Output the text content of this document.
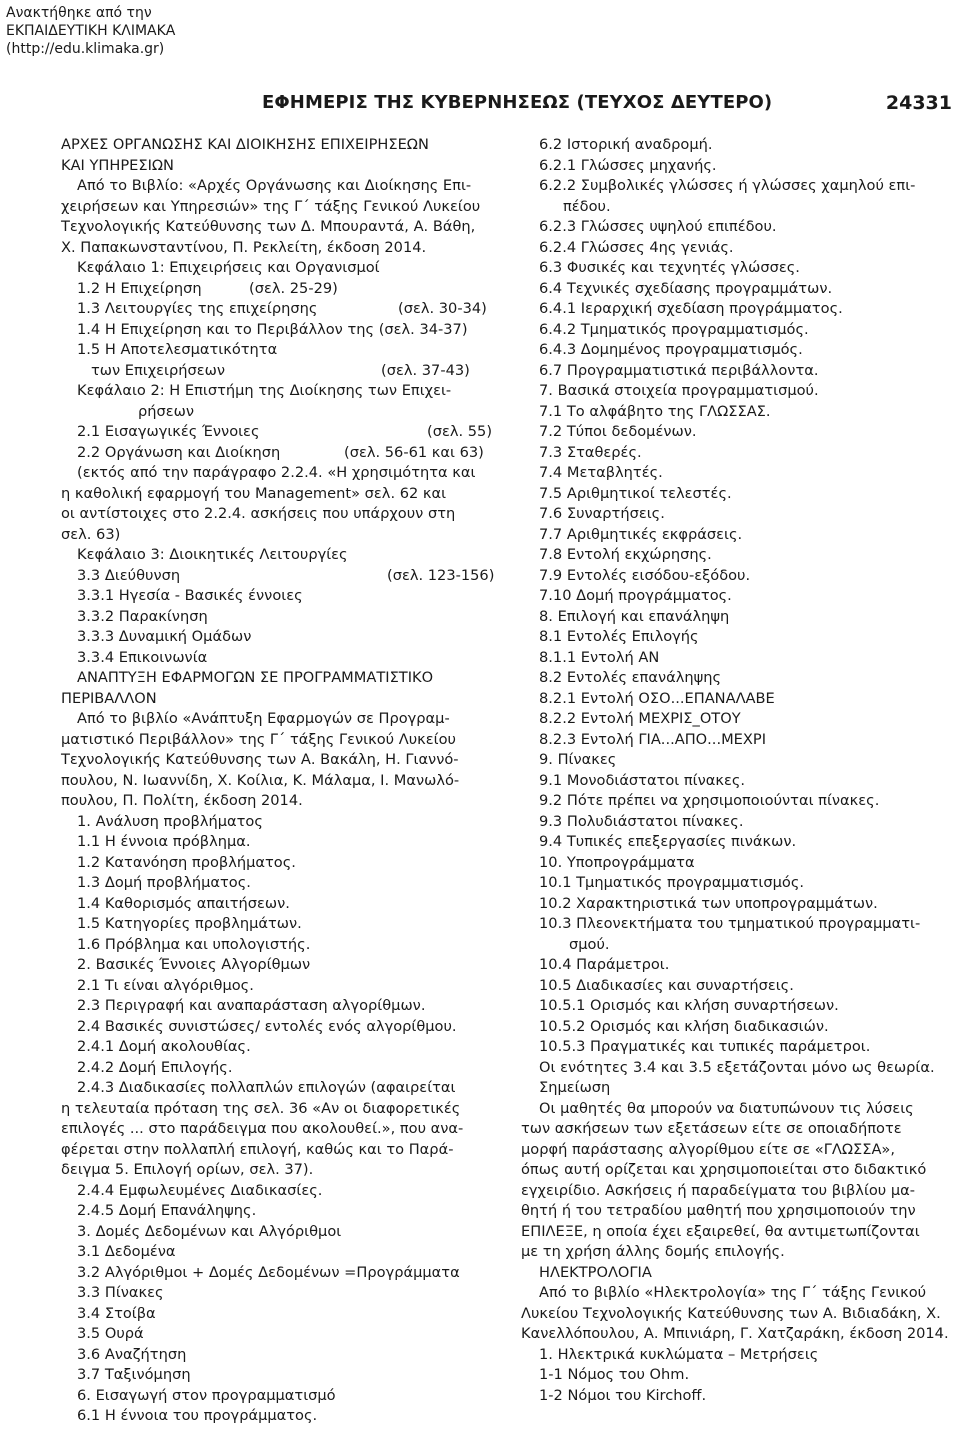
Ανακτήθηκε από την
ΕΚΠΑΙΔΕΥΤΙΚΗ ΚΛΙΜΑΚΑ
(http://edu.klimaka.gr)
ΕΦΗΜΕΡΙΣ ΤΗΣ ΚΥΒΕΡΝΗΣΕΩΣ (ΤΕΥΧΟΣ ΔΕΥΤΕΡΟ)	24331
ΑΡΧΕΣ ΟΡΓΑΝΩΣΗΣ ΚΑΙ ΔΙΟΙΚΗΣΗΣ ΕΠΙΧΕΙΡΗΣΕΩΝ
ΚΑΙ ΥΠΗΡΕΣΙΩΝ
Από το Βιβλίο: «Αρχές Οργάνωσης και Διοίκησης Επι-
χειρήσεων και Υπηρεσιών» της Γ΄ τάξης Γενικού Λυκείου
Τεχνολογικής Κατεύθυνσης των Δ. Μπουραντά, Α. Βάθη,
Χ. Παπακωνσταντίνου, Π. Ρεκλείτη, έκδοση 2014.
Κεφάλαιο 1: Επιχειρήσεις και Οργανισμοί
1.2 Η Επιχείρηση	(σελ. 25-29)
1.3 Λειτουργίες της επιχείρησης	(σελ. 30-34)
1.4 Η Επιχείρηση και το Περιβάλλον της (σελ. 34-37)
1.5 Η Αποτελεσματικότητα
των Επιχειρήσεων	(σελ. 37-43)
Κεφάλαιο 2: Η Επιστήμη της Διοίκησης των Επιχει-
ρήσεων
2.1 Εισαγωγικές Έννοιες	(σελ. 55)
2.2 Οργάνωση και Διοίκηση	(σελ. 56-61 και 63)
(εκτός από την παράγραφο 2.2.4. «Η χρησιμότητα και
η καθολική εφαρμογή του Management» σελ. 62 και
οι αντίστοιχες στο 2.2.4. ασκήσεις που υπάρχουν στη
σελ. 63)
Κεφάλαιο 3: Διοικητικές Λειτουργίες
3.3 Διεύθυνση	(σελ. 123-156)
3.3.1 Ηγεσία - Βασικές έννοιες
3.3.2 Παρακίνηση
3.3.3 Δυναμική Ομάδων
3.3.4 Επικοινωνία
ΑΝΑΠΤΥΞΗ ΕΦΑΡΜΟΓΩΝ ΣΕ ΠΡΟΓΡΑΜΜΑΤΙΣΤΙΚΟ
ΠΕΡΙΒΑΛΛΟΝ
Από το βιβλίο «Ανάπτυξη Εφαρμογών σε Προγραμ-
ματιστικό Περιβάλλον» της Γ΄ τάξης Γενικού Λυκείου
Τεχνολογικής Κατεύθυνσης των Α. Βακάλη, Η. Γιαννό-
πουλου, Ν. Ιωαννίδη, Χ. Κοίλια, Κ. Μάλαμα, Ι. Μανωλό-
πουλου, Π. Πολίτη, έκδοση 2014.
1. Ανάλυση προβλήματος
1.1 Η έννοια πρόβλημα.
1.2 Κατανόηση προβλήματος.
1.3 Δομή προβλήματος.
1.4 Καθορισμός απαιτήσεων.
1.5 Κατηγορίες προβλημάτων.
1.6 Πρόβλημα και υπολογιστής.
2. Βασικές Έννοιες Αλγορίθμων
2.1 Τι είναι αλγόριθμος.
2.3 Περιγραφή και αναπαράσταση αλγορίθμων.
2.4 Βασικές συνιστώσες/ εντολές ενός αλγορίθμου.
2.4.1 Δομή ακολουθίας.
2.4.2 Δομή Επιλογής.
2.4.3 Διαδικασίες πολλαπλών επιλογών (αφαιρείται
η τελευταία πρόταση της σελ. 36 «Αν οι διαφορετικές
επιλογές ... στο παράδειγμα που ακολουθεί.», που ανα-
φέρεται στην πολλαπλή επιλογή, καθώς και το Παρά-
δειγμα 5. Επιλογή ορίων, σελ. 37).
2.4.4 Εμφωλευμένες Διαδικασίες.
2.4.5 Δομή Επανάληψης.
3. Δομές Δεδομένων και Αλγόριθμοι
3.1 Δεδομένα
3.2 Αλγόριθμοι + Δομές Δεδομένων =Προγράμματα
3.3 Πίνακες
3.4 Στοίβα
3.5 Ουρά
3.6 Αναζήτηση
3.7 Ταξινόμηση
6. Εισαγωγή στον προγραμματισμό
6.1 Η έννοια του προγράμματος.
6.2 Ιστορική αναδρομή.
6.2.1 Γλώσσες μηχανής.
6.2.2 Συμβολικές γλώσσες ή γλώσσες χαμηλού επι-
πέδου.
6.2.3 Γλώσσες υψηλού επιπέδου.
6.2.4 Γλώσσες 4ης γενιάς.
6.3 Φυσικές και τεχνητές γλώσσες.
6.4 Τεχνικές σχεδίασης προγραμμάτων.
6.4.1 Ιεραρχική σχεδίαση προγράμματος.
6.4.2 Τμηματικός προγραμματισμός.
6.4.3 Δομημένος προγραμματισμός.
6.7 Προγραμματιστικά περιβάλλοντα.
7. Βασικά στοιχεία προγραμματισμού.
7.1 Το αλφάβητο της ΓΛΩΣΣΑΣ.
7.2 Τύποι δεδομένων.
7.3 Σταθερές.
7.4 Μεταβλητές.
7.5 Αριθμητικοί τελεστές.
7.6 Συναρτήσεις.
7.7 Αριθμητικές εκφράσεις.
7.8 Εντολή εκχώρησης.
7.9 Εντολές εισόδου-εξόδου.
7.10 Δομή προγράμματος.
8. Επιλογή και επανάληψη
8.1 Εντολές Επιλογής
8.1.1 Εντολή ΑΝ
8.2 Εντολές επανάληψης
8.2.1 Εντολή ΟΣΟ...ΕΠΑΝΑΛΑΒΕ
8.2.2 Εντολή ΜΕΧΡΙΣ_ΟΤΟΥ
8.2.3 Εντολή ΓΙΑ...ΑΠΟ...ΜΕΧΡΙ
9. Πίνακες
9.1 Μονοδιάστατοι πίνακες.
9.2 Πότε πρέπει να χρησιμοποιούνται πίνακες.
9.3 Πολυδιάστατοι πίνακες.
9.4 Τυπικές επεξεργασίες πινάκων.
10. Υποπρογράμματα
10.1 Τμηματικός προγραμματισμός.
10.2 Χαρακτηριστικά των υποπρογραμμάτων.
10.3 Πλεονεκτήματα του τμηματικού προγραμματι-
σμού.
10.4 Παράμετροι.
10.5 Διαδικασίες και συναρτήσεις.
10.5.1 Ορισμός και κλήση συναρτήσεων.
10.5.2 Ορισμός και κλήση διαδικασιών.
10.5.3 Πραγματικές και τυπικές παράμετροι.
Οι ενότητες 3.4 και 3.5 εξετάζονται μόνο ως θεωρία.
Σημείωση
Οι μαθητές θα μπορούν να διατυπώνουν τις λύσεις
των ασκήσεων των εξετάσεων είτε σε οποιαδήποτε
μορφή παράστασης αλγορίθμου είτε σε «ΓΛΩΣΣΑ»,
όπως αυτή ορίζεται και χρησιμοποιείται στο διδακτικό
εγχειρίδιο. Ασκήσεις ή παραδείγματα του βιβλίου μα-
θητή ή του τετραδίου μαθητή που χρησιμοποιούν την
ΕΠΙΛΕΞΕ, η οποία έχει εξαιρεθεί, θα αντιμετωπίζονται
με τη χρήση άλλης δομής επιλογής.
ΗΛΕΚΤΡΟΛΟΓΙΑ
Από το βιβλίο «Ηλεκτρολογία» της Γ΄ τάξης Γενικού
Λυκείου Τεχνολογικής Κατεύθυνσης των Α. Βιδιαδάκη, Χ.
Κανελλόπουλου, Α. Μπινιάρη, Γ. Χατζαράκη, έκδοση 2014.
1. Ηλεκτρικά κυκλώματα – Μετρήσεις
1-1 Νόμος του Ohm.
1-2 Νόμοι του Kirchoff.
